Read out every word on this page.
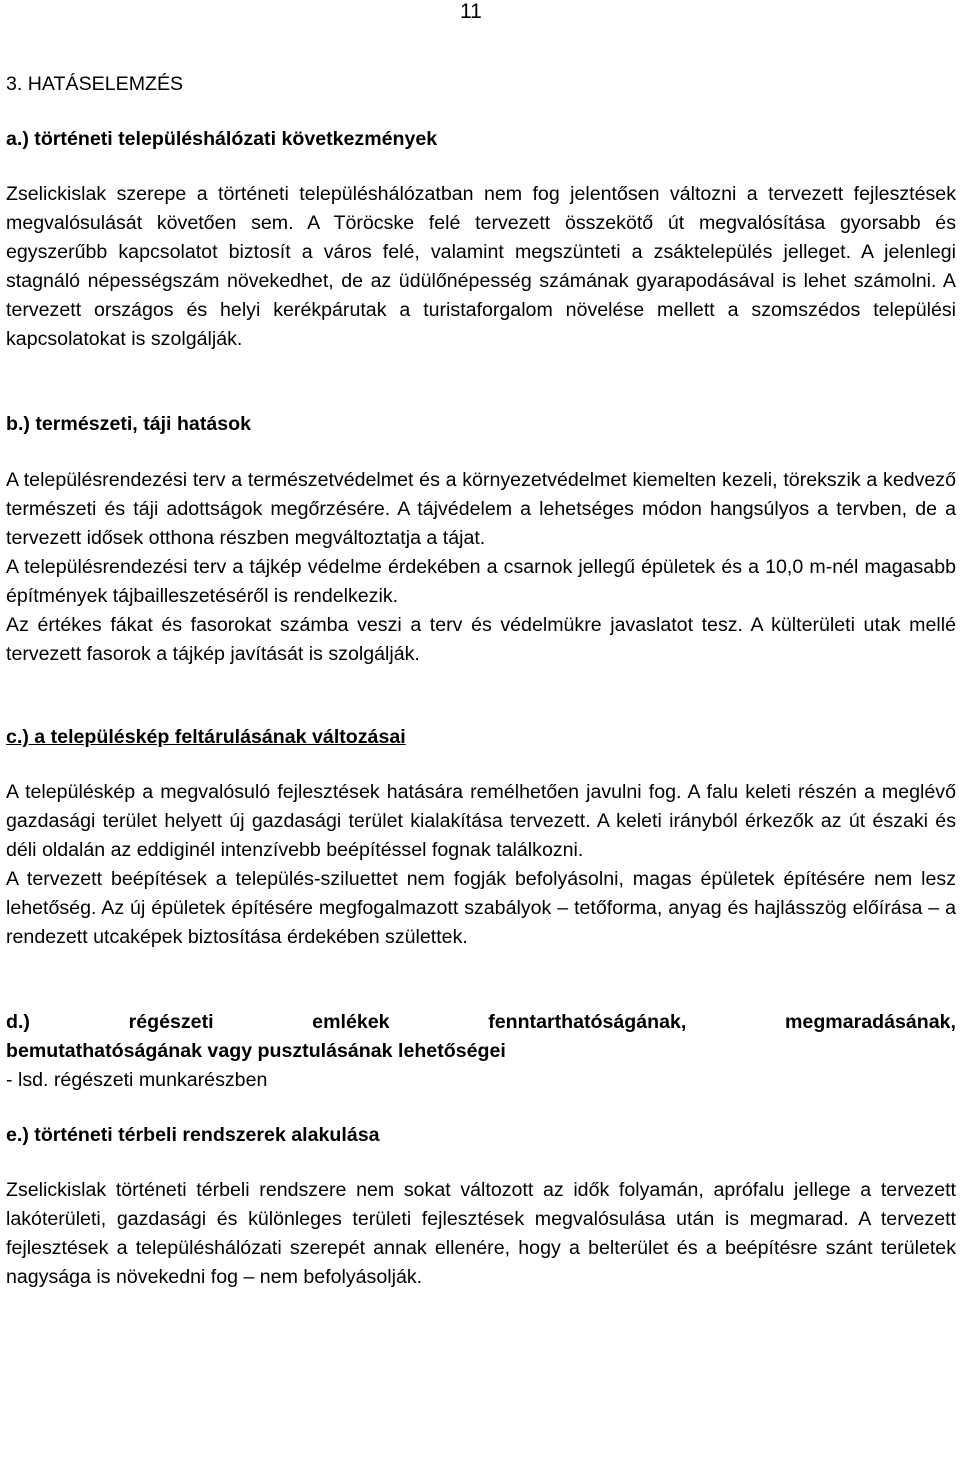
11

3. HATÁSELEMZÉS

a.) történeti településhálózati következmények

Zselickislak szerepe a történeti településhálózatban nem fog jelentősen változni a tervezett fejlesztések megvalósulását követően sem. A Töröcske felé tervezett összekötő út megvalósítása gyorsabb és egyszerűbb kapcsolatot biztosít a város felé, valamint megszünteti a zsáktelepülés jelleget. A jelenlegi stagnáló népességszám növekedhet, de az üdülőnépesség számának gyarapodásával is lehet számolni. A tervezett országos és helyi kerékpárutak a turistaforgalom növelése mellett a szomszédos települési kapcsolatokat is szolgálják.

b.) természeti, táji hatások

A településrendezési terv a természetvédelmet és a környezetvédelmet kiemelten kezeli, törekszik a kedvező természeti és táji adottságok megőrzésére. A tájvédelem a lehetséges módon hangsúlyos a tervben, de a tervezett idősek otthona részben megváltoztatja a tájat.

A településrendezési terv a tájkép védelme érdekében a csarnok jellegű épületek és a 10,0 m-nél magasabb építmények tájbailleszetéséről is rendelkezik.

Az értékes fákat és fasorokat számba veszi a terv és védelmükre javaslatot tesz. A külterületi utak mellé tervezett fasorok a tájkép javítását is szolgálják.

c.) a településkép feltárulásának változásai

A településkép a megvalósuló fejlesztések hatására remélhetően javulni fog. A falu keleti részén a meglévő gazdasági terület helyett új gazdasági terület kialakítása tervezett. A keleti irányból érkezők az út északi és déli oldalán az eddiginél intenzívebb beépítéssel fognak találkozni.

A tervezett beépítések a település-sziluettet nem fogják befolyásolni, magas épületek építésére nem lesz lehetőség. Az új épületek építésére megfogalmazott szabályok – tetőforma, anyag és hajlásszög előírása – a rendezett utcaképek biztosítása érdekében születtek.

d.) régészeti emlékek fenntarthatóságának, megmaradásának,

bemutathatóságának vagy pusztulásának lehetőségei

- lsd. régészeti munkarészben

e.) történeti térbeli rendszerek alakulása

Zselickislak történeti térbeli rendszere nem sokat változott az idők folyamán, aprófalu jellege a tervezett lakóterületi, gazdasági és különleges területi fejlesztések megvalósulása után is megmarad. A tervezett fejlesztések a településhálózati szerepét annak ellenére, hogy a belterület és a beépítésre szánt területek nagysága is növekedni fog – nem befolyásolják.
